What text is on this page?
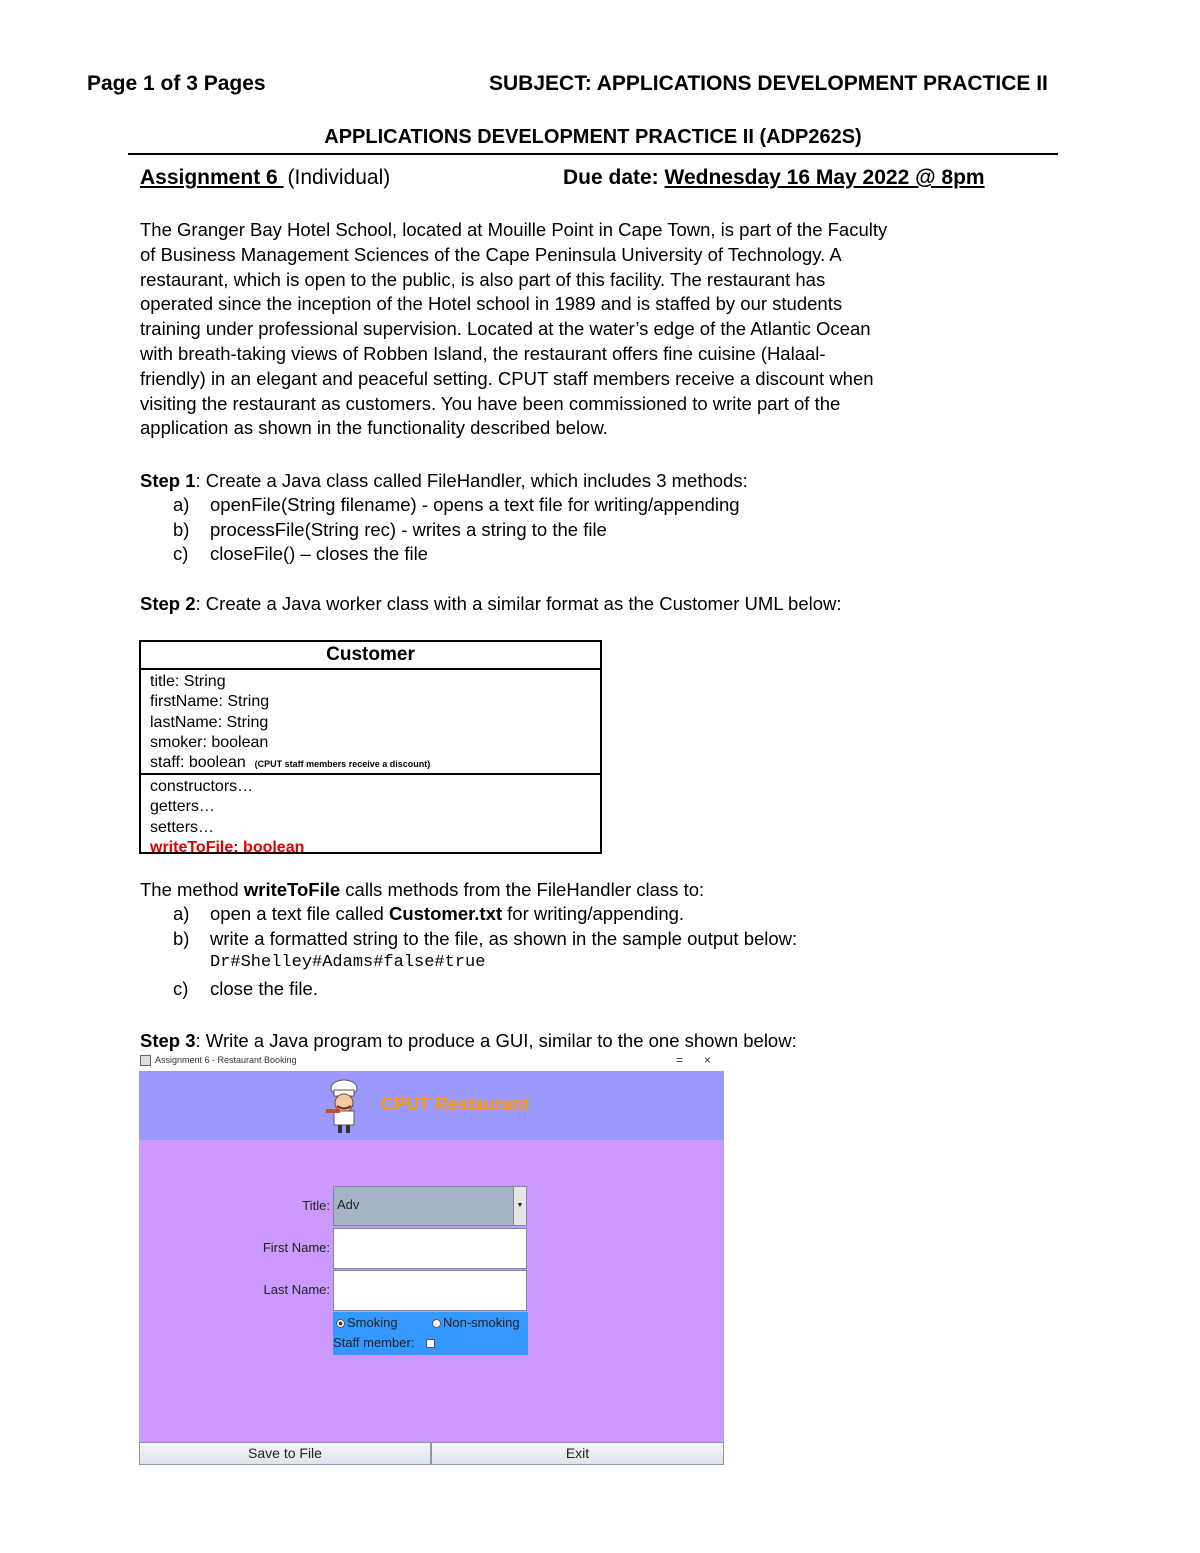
Page 1 of 3 Pages	SUBJECT: APPLICATIONS DEVELOPMENT PRACTICE II
APPLICATIONS DEVELOPMENT PRACTICE II (ADP262S)
Assignment 6 (Individual)	Due date: Wednesday 16 May 2022 @ 8pm

The Granger Bay Hotel School, located at Mouille Point in Cape Town, is part of the Faculty

of Business Management Sciences of the Cape Peninsula University of Technology. A

restaurant, which is open to the public, is also part of this facility. The restaurant has

operated since the inception of the Hotel school in 1989 and is staffed by our students

training under professional supervision. Located at the water’s edge of the Atlantic Ocean

with breath-taking views of Robben Island, the restaurant offers fine cuisine (Halaal-

friendly) in an elegant and peaceful setting. CPUT staff members receive a discount when

visiting the restaurant as customers. You have been commissioned to write part of the

application as shown in the functionality described below.

Step 1: Create a Java class called FileHandler, which includes 3 methods:
a) openFile(String filename) - opens a text file for writing/appending
b) processFile(String rec) - writes a string to the file
c) closeFile() – closes the file
Step 2: Create a Java worker class with a similar format as the Customer UML below:
Customer
title: String
firstName: String
lastName: String
smoker: boolean
staff: boolean (CPUT staff members receive a discount)
constructors…
getters…
setters…
writeToFile: boolean
The method writeToFile calls methods from the FileHandler class to:
a) open a text file called Customer.txt for writing/appending.
b) write a formatted string to the file, as shown in the sample output below:
Dr#Shelley#Adams#false#true
c) close the file.
Step 3: Write a Java program to produce a GUI, similar to the one shown below:
Assignment 6 - Restaurant Booking	= ×
CPUT Restaurant
Title:
First Name:
Last Name:
Adv	▼
Smoking	Non-smoking
Staff member:
Save to File	Exit
